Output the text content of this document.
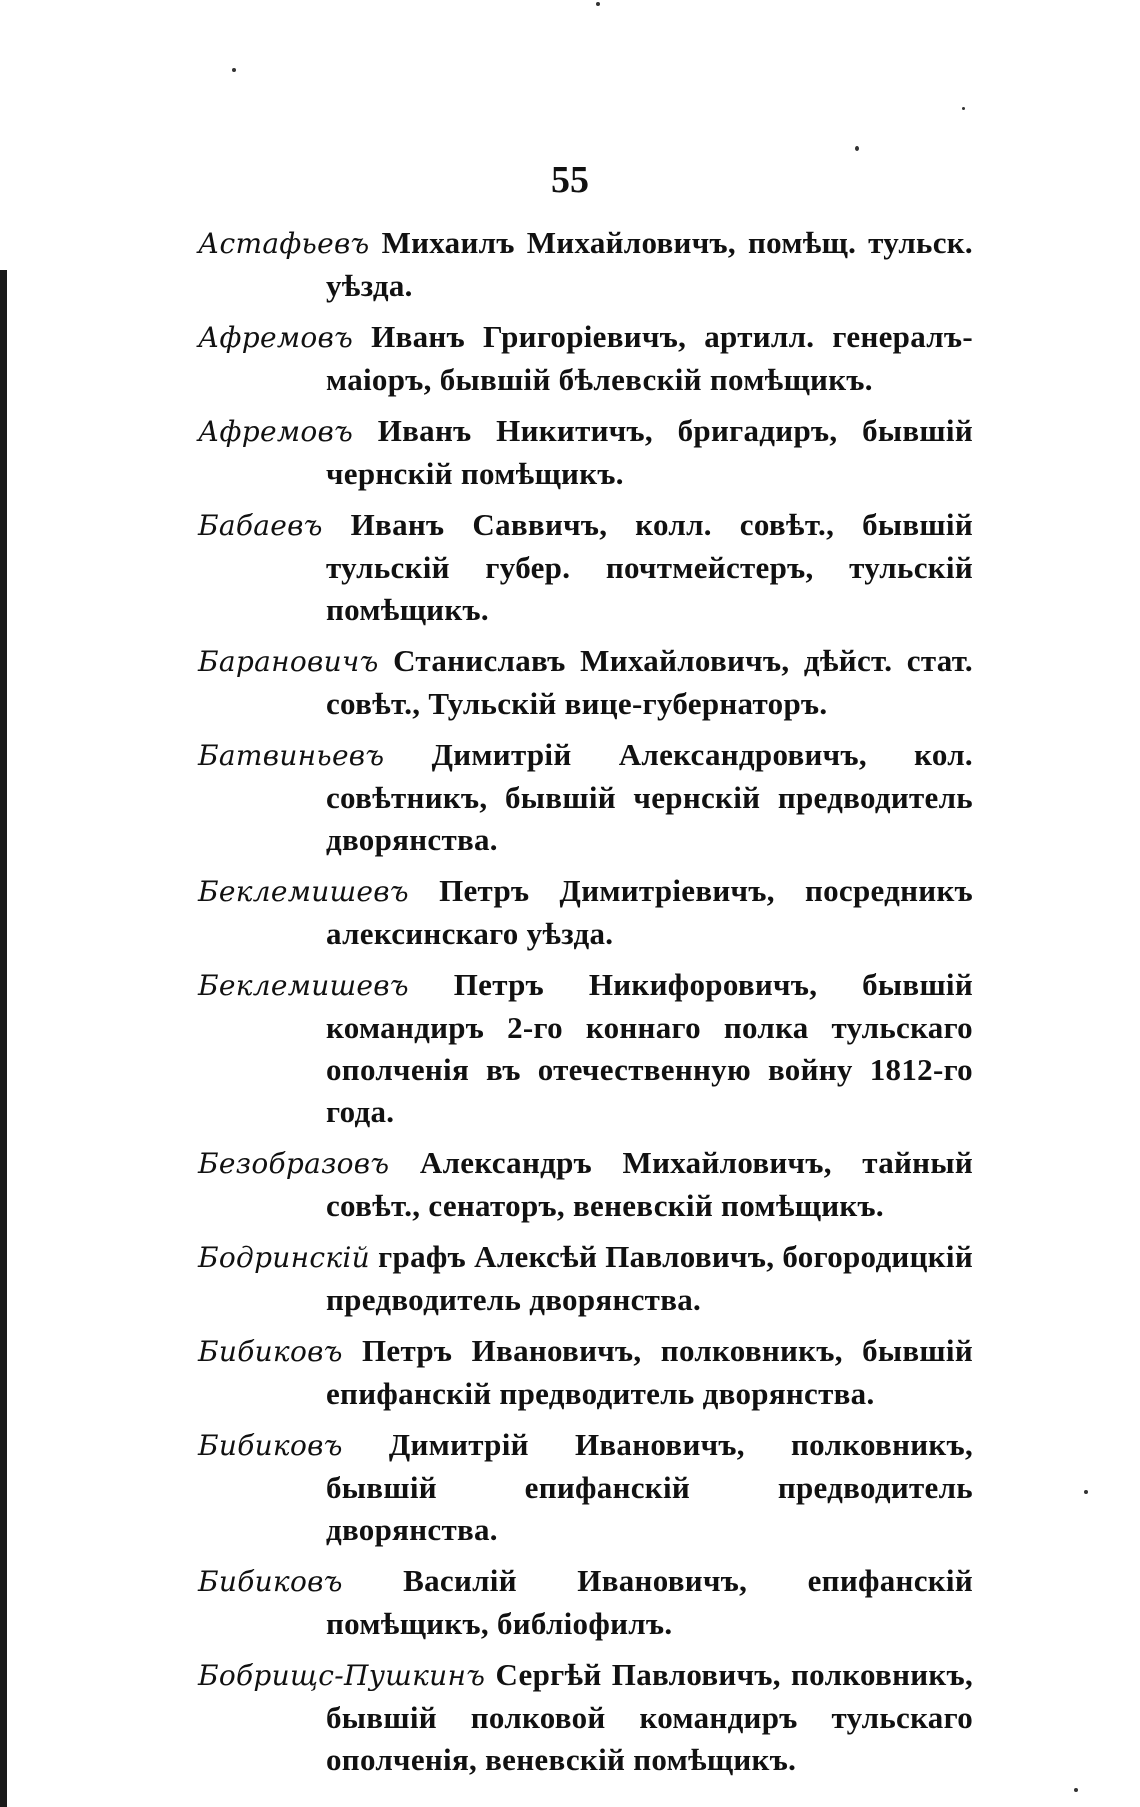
55

Астафьевъ Михаилъ Михайловичъ, помѣщ. тульск. уѣзда.

Афремовъ Иванъ Григоріевичъ, артилл. генералъ-маіоръ, бывшій бѣлевскій помѣщикъ.

Афремовъ Иванъ Никитичъ, бригадиръ, бывшій чернскій помѣщикъ.

Бабаевъ Иванъ Саввичъ, колл. совѣт., бывшій тульскій губер. почтмейстеръ, тульскій помѣщикъ.

Барановичъ Станиславъ Михайловичъ, дѣйст. стат. совѣт., Тульскій вице-губернаторъ.

Батвиньевъ Димитрій Александровичъ, кол. совѣтникъ, бывшій чернскій предводитель дворянства.

Беклемишевъ Петръ Димитріевичъ, посредникъ алексинскаго уѣзда.

Беклемишевъ Петръ Никифоровичъ, бывшій командиръ 2-го коннаго полка тульскаго ополченія въ отечественную войну 1812-го года.

Безобразовъ Александръ Михайловичъ, тайный совѣт., сенаторъ, веневскій помѣщикъ.

Бодринскій графъ Алексѣй Павловичъ, богородицкій предводитель дворянства.

Бибиковъ Петръ Ивановичъ, полковникъ, бывшій епифанскій предводитель дворянства.

Бибиковъ Димитрій Ивановичъ, полковникъ, бывшій епифанскій предводитель дворянства.

Бибиковъ Василій Ивановичъ, епифанскій помѣщикъ, библіофилъ.

Бобрищс-Пушкинъ Сергѣй Павловичъ, полковникъ, бывшій полковой командиръ тульскаго ополченія, веневскій помѣщикъ.
